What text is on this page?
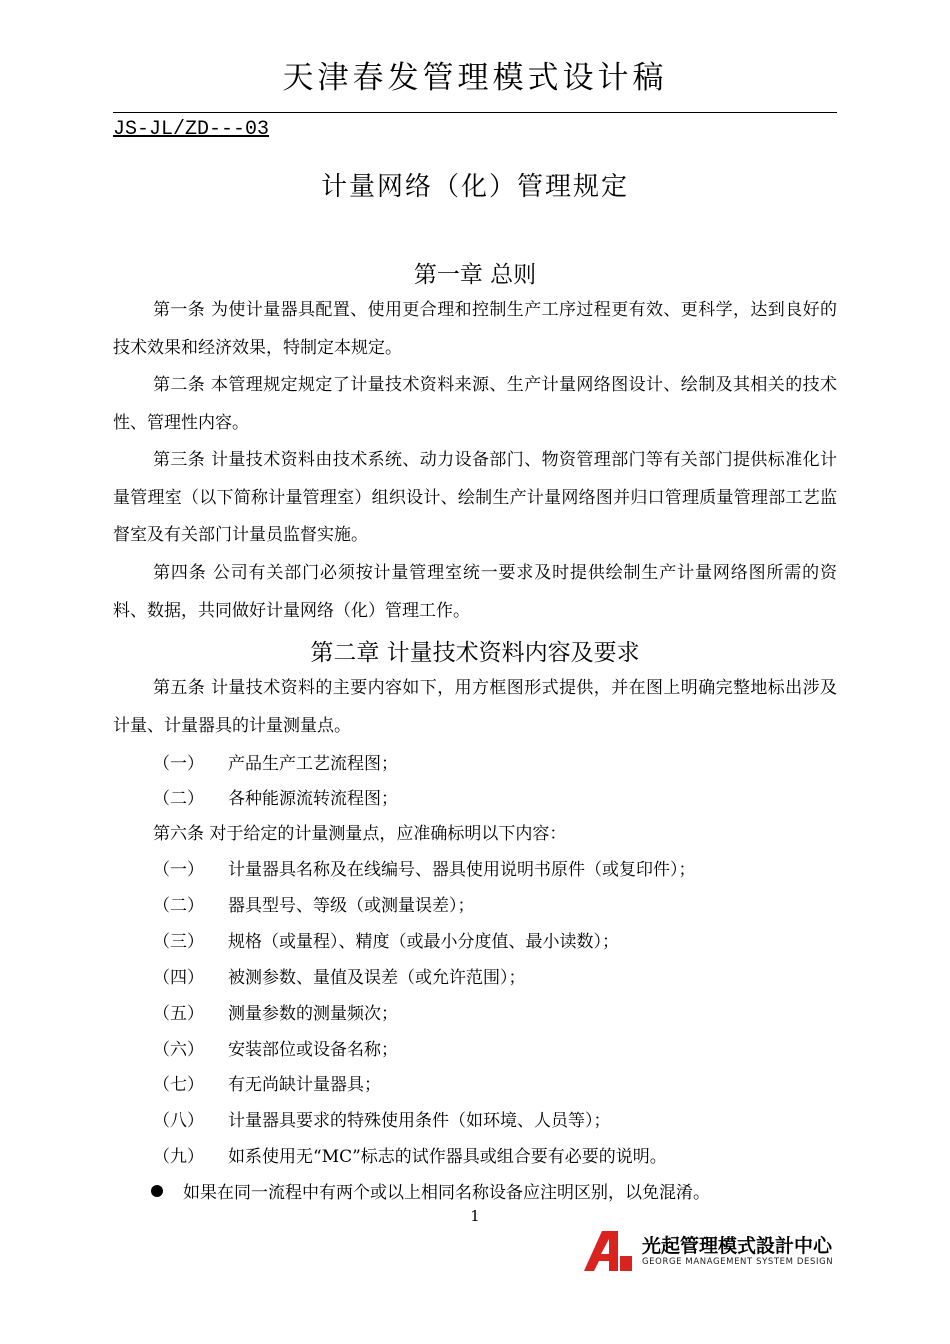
天津春发管理模式设计稿
JS-JL/ZD---03
计量网络（化）管理规定
第一章 总则

第一条 为使计量器具配置、使用更合理和控制生产工序过程更有效、更科学，达到良好的技术效果和经济效果，特制定本规定。

第二条 本管理规定规定了计量技术资料来源、生产计量网络图设计、绘制及其相关的技术性、管理性内容。

第三条 计量技术资料由技术系统、动力设备部门、物资管理部门等有关部门提供标准化计量管理室（以下简称计量管理室）组织设计、绘制生产计量网络图并归口管理质量管理部工艺监督室及有关部门计量员监督实施。

第四条 公司有关部门必须按计量管理室统一要求及时提供绘制生产计量网络图所需的资料、数据，共同做好计量网络（化）管理工作。

第二章 计量技术资料内容及要求

第五条 计量技术资料的主要内容如下，用方框图形式提供，并在图上明确完整地标出涉及计量、计量器具的计量测量点。

（一） 产品生产工艺流程图；
（二） 各种能源流转流程图；
第六条 对于给定的计量测量点，应准确标明以下内容：
（一） 计量器具名称及在线编号、器具使用说明书原件（或复印件）；
（二） 器具型号、等级（或测量误差）；
（三） 规格（或量程）、精度（或最小分度值、最小读数）；
（四） 被测参数、量值及误差（或允许范围）；
（五） 测量参数的测量频次；
（六） 安装部位或设备名称；
（七） 有无尚缺计量器具；
（八） 计量器具要求的特殊使用条件（如环境、人员等）；
（九） 如系使用无“MC”标志的试作器具或组合要有必要的说明。
如果在同一流程中有两个或以上相同名称设备应注明区别，以免混淆。
1
光起管理模式設計中心
GEORGE MANAGEMENT SYSTEM DESIGN
